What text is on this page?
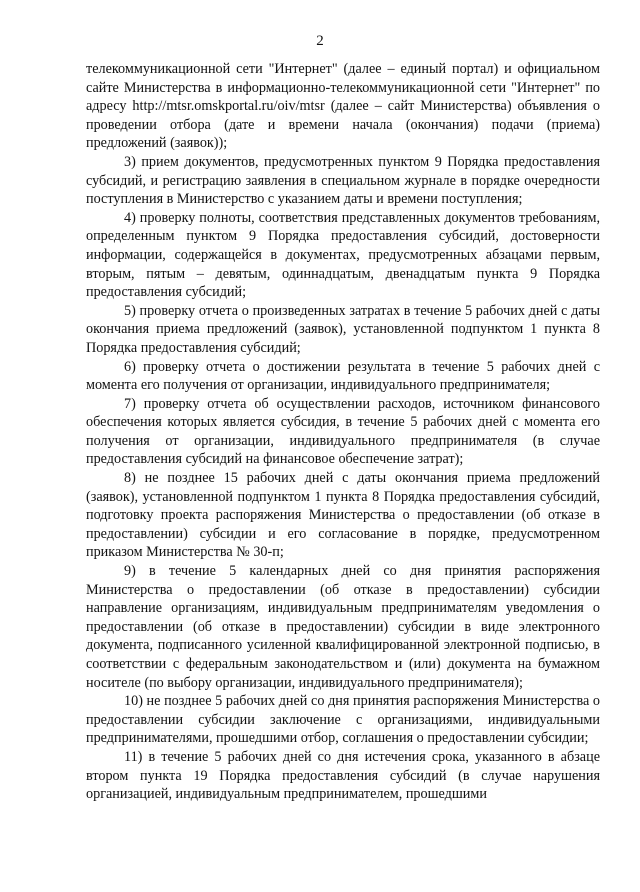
2

телекоммуникационной сети "Интернет" (далее – единый портал) и официальном сайте Министерства в информационно-телекоммуникационной сети "Интернет" по адресу http://mtsr.omskportal.ru/oiv/mtsr (далее – сайт Министерства) объявления о проведении отбора (дате и времени начала (окончания) подачи (приема) предложений (заявок));

3) прием документов, предусмотренных пунктом 9 Порядка предоставления субсидий, и регистрацию заявления в специальном журнале в порядке очередности поступления в Министерство с указанием даты и времени поступления;

4) проверку полноты, соответствия представленных документов требованиям, определенным пунктом 9 Порядка предоставления субсидий, достоверности информации, содержащейся в документах, предусмотренных абзацами первым, вторым, пятым – девятым, одиннадцатым, двенадцатым пункта 9 Порядка предоставления субсидий;

5) проверку отчета о произведенных затратах в течение 5 рабочих дней с даты окончания приема предложений (заявок), установленной подпунктом 1 пункта 8 Порядка предоставления субсидий;

6) проверку отчета о достижении результата в течение 5 рабочих дней с момента его получения от организации, индивидуального предпринимателя;

7) проверку отчета об осуществлении расходов, источником финансового обеспечения которых является субсидия, в течение 5 рабочих дней с момента его получения от организации, индивидуального предпринимателя (в случае предоставления субсидий на финансовое обеспечение затрат);

8) не позднее 15 рабочих дней с даты окончания приема предложений (заявок), установленной подпунктом 1 пункта 8 Порядка предоставления субсидий, подготовку проекта распоряжения Министерства о предоставлении (об отказе в предоставлении) субсидии и его согласование в порядке, предусмотренном приказом Министерства № 30-п;

9) в течение 5 календарных дней со дня принятия распоряжения Министерства о предоставлении (об отказе в предоставлении) субсидии направление организациям, индивидуальным предпринимателям уведомления о предоставлении (об отказе в предоставлении) субсидии в виде электронного документа, подписанного усиленной квалифицированной электронной подписью, в соответствии с федеральным законодательством и (или) документа на бумажном носителе (по выбору организации, индивидуального предпринимателя);

10) не позднее 5 рабочих дней со дня принятия распоряжения Министерства о предоставлении субсидии заключение с организациями, индивидуальными предпринимателями, прошедшими отбор, соглашения о предоставлении субсидии;

11) в течение 5 рабочих дней со дня истечения срока, указанного в абзаце втором пункта 19 Порядка предоставления субсидий (в случае нарушения организацией, индивидуальным предпринимателем, прошедшими
